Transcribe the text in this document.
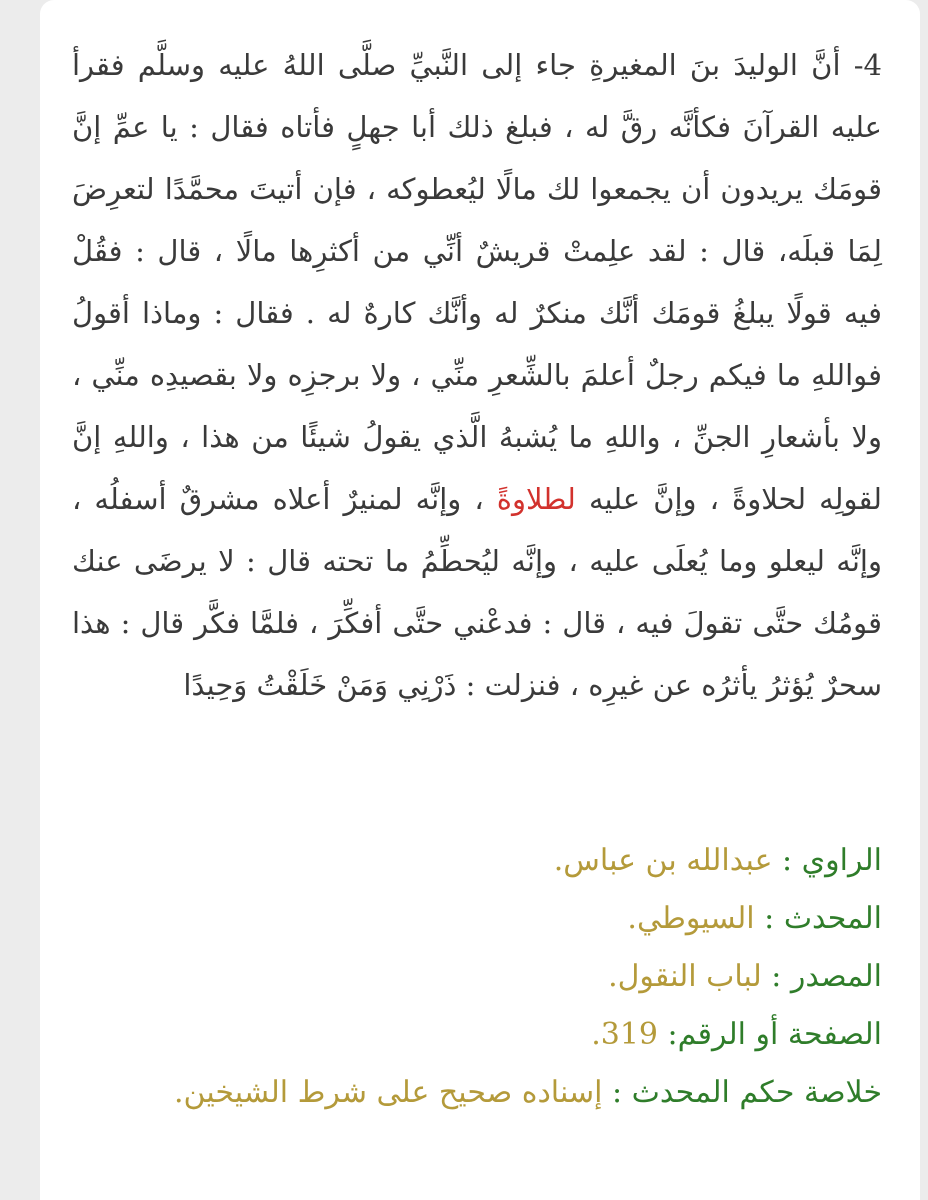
4- أنَّ الوليدَ بنَ المغيرةِ جاء إلى النَّبيِّ صلَّى اللهُ عليه وسلَّم فقرأ عليه القرآنَ فكأنَّه رقَّ له ، فبلغ ذلك أبا جهلٍ فأتاه فقال : يا عمِّ إنَّ قومَك يريدون أن يجمعوا لك مالًا ليُعطوكه ، فإن أتيتَ محمَّدًا لتعرِضَ لِمَا قبلَه، قال : لقد علِمتْ قريشٌ أنِّي من أكثرِها مالًا ، قال : فقُلْ فيه قولًا يبلغُ قومَك أنَّك منكرٌ له وأنَّك كارهٌ له . فقال : وماذا أقولُ فواللهِ ما فيكم رجلٌ أعلمَ بالشِّعرِ منِّي ، ولا برجزِه ولا بقصيدِه منِّي ، ولا بأشعارِ الجنِّ ، واللهِ ما يُشبهُ الَّذي يقولُ شيئًا من هذا ، واللهِ إنَّ لقولِه لحلاوةً ، وإنَّ عليه لطلاوةً ، وإنَّه لمنيرٌ أعلاه مشرقٌ أسفلُه ، وإنَّه ليعلو وما يُعلَى عليه ، وإنَّه ليُحطِّمُ ما تحته قال : لا يرضَى عنك قومُك حتَّى تقولَ فيه ، قال : فدعْني حتَّى أفكِّرَ ، فلمَّا فكَّر قال : هذا سحرٌ يُؤثرُ يأثرُه عن غيرِه ، فنزلت : ذَرْنِي وَمَنْ خَلَقْتُ وَحِيدًا

الراوي : عبدالله بن عباس.
المحدث : السيوطي.
المصدر : لباب النقول.
الصفحة أو الرقم: 319.
خلاصة حكم المحدث : إسناده صحيح على شرط الشيخين.
